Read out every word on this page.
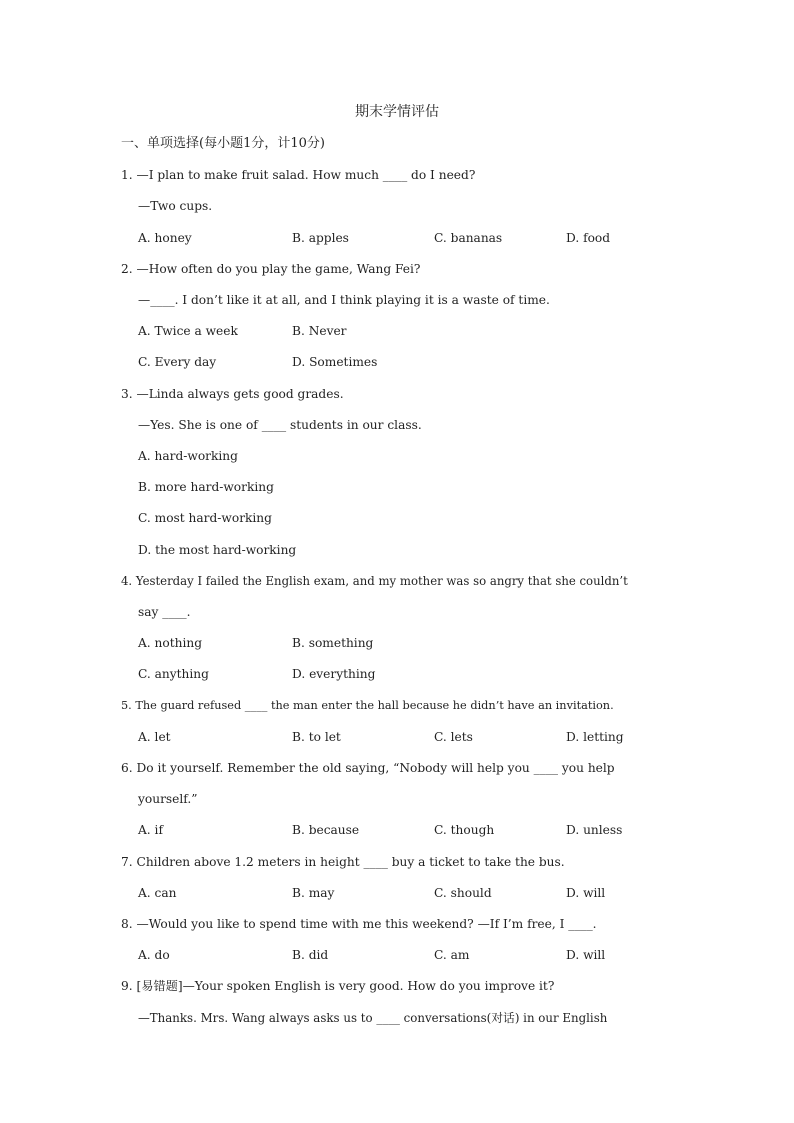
期末学情评估
一、单项选择(每小题1分，计10分)
1. —I plan to make fruit salad. How much ____ do I need?
—Two cups.
A. honey	B. apples	C. bananas	D. food
2. —How often do you play the game, Wang Fei?
—____. I don’t like it at all, and I think playing it is a waste of time.
A. Twice a week	B. Never
C. Every day	D. Sometimes
3. —Linda always gets good grades.
—Yes. She is one of ____ students in our class.
A. hard-working
B. more hard-working
C. most hard-working
D. the most hard-working
4. Yesterday I failed the English exam, and my mother was so angry that she couldn’t
say ____.
A. nothing	B. something
C. anything	D. everything
5. The guard refused ____ the man enter the hall because he didn’t have an invitation.
A. let	B. to let	C. lets	D. letting
6. Do it yourself. Remember the old saying, “Nobody will help you ____ you help
yourself.”
A. if	B. because	C. though	D. unless
7. Children above 1.2 meters in height ____ buy a ticket to take the bus.
A. can	B. may	C. should	D. will
8. —Would you like to spend time with me this weekend? —If I’m free, I ____.
A. do	B. did	C. am	D. will
9. [易错题]—Your spoken English is very good. How do you improve it?
—Thanks. Mrs. Wang always asks us to ____ conversations(对话) in our English
